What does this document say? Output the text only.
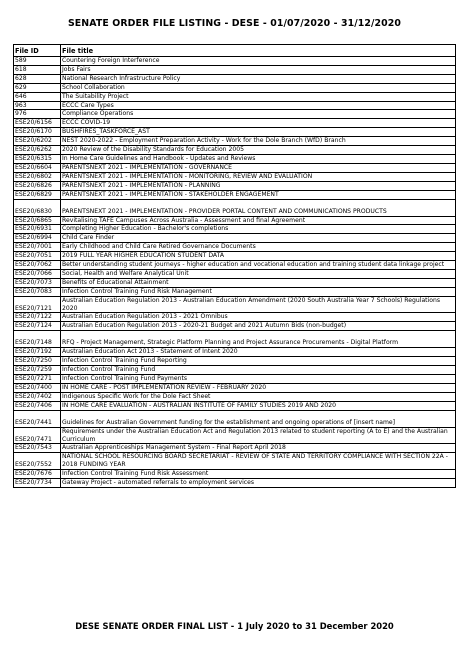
SENATE ORDER FILE LISTING - DESE - 01/07/2020 - 31/12/2020
File ID	File title
589	Countering Foreign Interference
618	Jobs Fairs
628	National Research Infrastructure Policy
629	School Collaboration
646	The Suitability Project
963	ECCC Care Types
976	Compliance Operations
ESE20/6156	ECCC COVID-19
ESE20/6170	BUSHFIRES_TASKFORCE_AST
ESE20/6202	NEST 2020-2022 - Employment Preparation Activity - Work for the Dole Branch (WfD) Branch
ESE20/6262	2020 Review of the Disability Standards for Education 2005
ESE20/6315	In Home Care Guidelines and Handbook - Updates and Reviews
ESE20/6604	PARENTSNEXT 2021 - IMPLEMENTATION - GOVERNANCE
ESE20/6802	PARENTSNEXT 2021 - IMPLEMENTATION - MONITORING, REVIEW AND EVALUATION
ESE20/6826	PARENTSNEXT 2021 - IMPLEMENTATION - PLANNING
ESE20/6829	PARENTSNEXT 2021 - IMPLEMENTATION - STAKEHOLDER ENGAGEMENT
ESE20/6830	PARENTSNEXT 2021 - IMPLEMENTATION - PROVIDER PORTAL CONTENT AND COMMUNICATIONS PRODUCTS
ESE20/6865	Revitalising TAFE Campuses Across Australia - Assessment and final Agreement
ESE20/6931	Completing Higher Education - Bachelor's completions
ESE20/6994	Child Care Finder
ESE20/7001	Early Childhood and Child Care Retired Governance Documents
ESE20/7051	2019 FULL YEAR HIGHER EDUCATION STUDENT DATA
ESE20/7062	Better understanding student journeys - higher education and vocational education and training student data linkage project
ESE20/7066	Social, Health and Welfare Analytical Unit
ESE20/7073	Benefits of Educational Attainment
ESE20/7083	Infection Control Training Fund Risk Management
ESE20/7121	Australian Education Regulation 2013 - Australian Education Amendment (2020 South Australia Year 7 Schools) Regulations 2020
ESE20/7122	Australian Education Regulation 2013 - 2021 Omnibus
ESE20/7124	Australian Education Regulation 2013 - 2020-21 Budget and 2021 Autumn Bids (non-budget)
ESE20/7148	RFQ - Project Management, Strategic Platform Planning and Project Assurance Procurements - Digital Platform
ESE20/7192	Australian Education Act 2013 - Statement of Intent 2020
ESE20/7250	Infection Control Training Fund Reporting
ESE20/7259	Infection Control Training Fund
ESE20/7271	Infection Control Training Fund Payments
ESE20/7400	IN HOME CARE - POST IMPLEMENTATION REVIEW - FEBRUARY 2020
ESE20/7402	Indigenous Specific Work for the Dole Fact Sheet
ESE20/7406	IN HOME CARE EVALUATION - AUSTRALIAN INSTITUTE OF FAMILY STUDIES 2019 AND 2020
ESE20/7441	Guidelines for Australian Government funding for the establishment and ongoing operations of [insert name]
ESE20/7471	Requirements under the Australian Education Act and Regulation 2013 related to student reporting (A to E) and the Australian Curriculum
ESE20/7543	Australian Apprenticeships Management System - Final Report April 2018
ESE20/7552	NATIONAL SCHOOL RESOURCING BOARD SECRETARIAT - REVIEW OF STATE AND TERRITORY COMPLIANCE WITH SECTION 22A - 2018 FUNDING YEAR
ESE20/7676	Infection Control Training Fund Risk Assessment
ESE20/7734	Gateway Project - automated referrals to employment services
DESE SENATE ORDER FINAL LIST - 1 July 2020 to 31 December 2020
